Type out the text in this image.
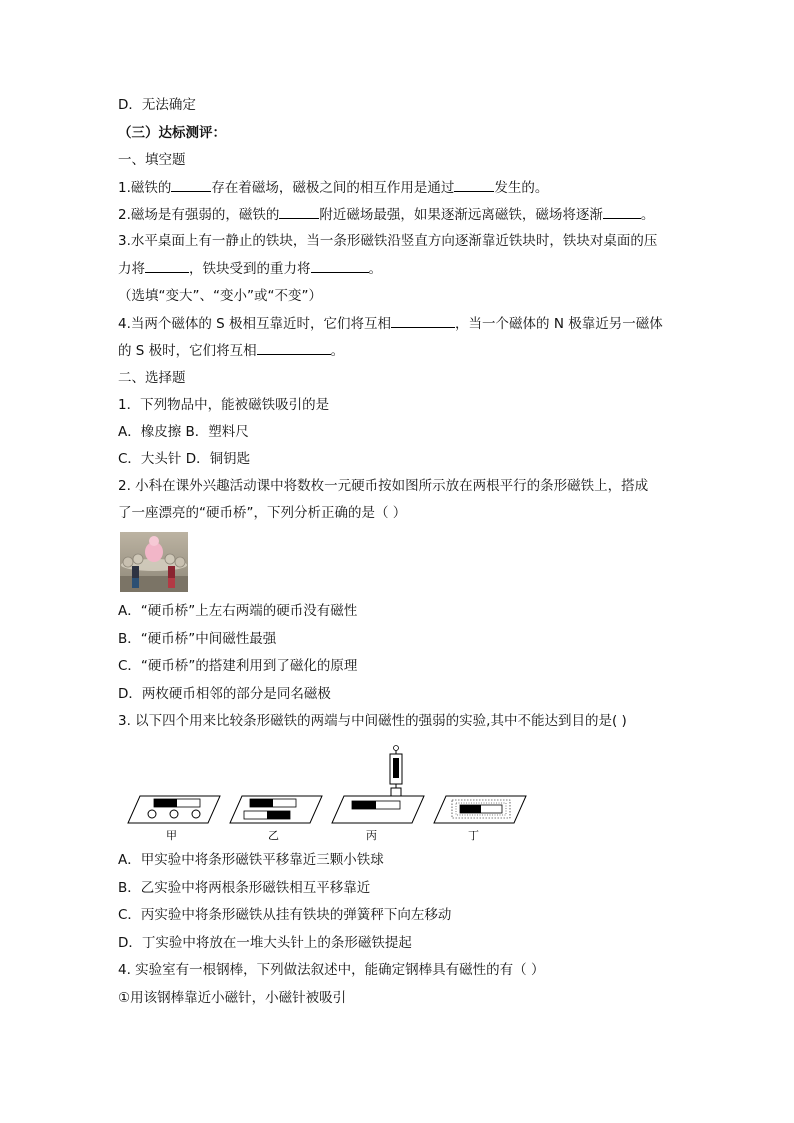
D．无法确定
（三）达标测评：
一、填空题
1.磁铁的	存在着磁场，磁极之间的相互作用是通过	发生的。
2.磁场是有强弱的，磁铁的	附近磁场最强，如果逐渐远离磁铁，磁场将逐渐	。
3.水平桌面上有一静止的铁块，当一条形磁铁沿竖直方向逐渐靠近铁块时，铁块对桌面的压
力将	，铁块受到的重力将	。
（选填“变大”、“变小”或“不变”）
4.当两个磁体的 S 极相互靠近时，它们将互相	，当一个磁体的 N 极靠近另一磁体
的 S 极时，它们将互相	。
二、选择题
1．下列物品中，能被磁铁吸引的是
A．橡皮擦 B．塑料尺
C．大头针 D．铜钥匙
2. 小科在课外兴趣活动课中将数枚一元硬币按如图所示放在两根平行的条形磁铁上，搭成
了一座漂亮的“硬币桥”，下列分析正确的是（ ）
A．“硬币桥”上左右两端的硬币没有磁性
B．“硬币桥”中间磁性最强
C．“硬币桥”的搭建利用到了磁化的原理
D．两枚硬币相邻的部分是同名磁极
3. 以下四个用来比较条形磁铁的两端与中间磁性的强弱的实验,其中不能达到目的是( )
甲	乙	丙	丁
A．甲实验中将条形磁铁平移靠近三颗小铁球
B．乙实验中将两根条形磁铁相互平移靠近
C．丙实验中将条形磁铁从挂有铁块的弹簧秤下向左移动
D．丁实验中将放在一堆大头针上的条形磁铁提起
4. 实验室有一根钢棒，下列做法叙述中，能确定钢棒具有磁性的有（ ）
①用该钢棒靠近小磁针，小磁针被吸引
